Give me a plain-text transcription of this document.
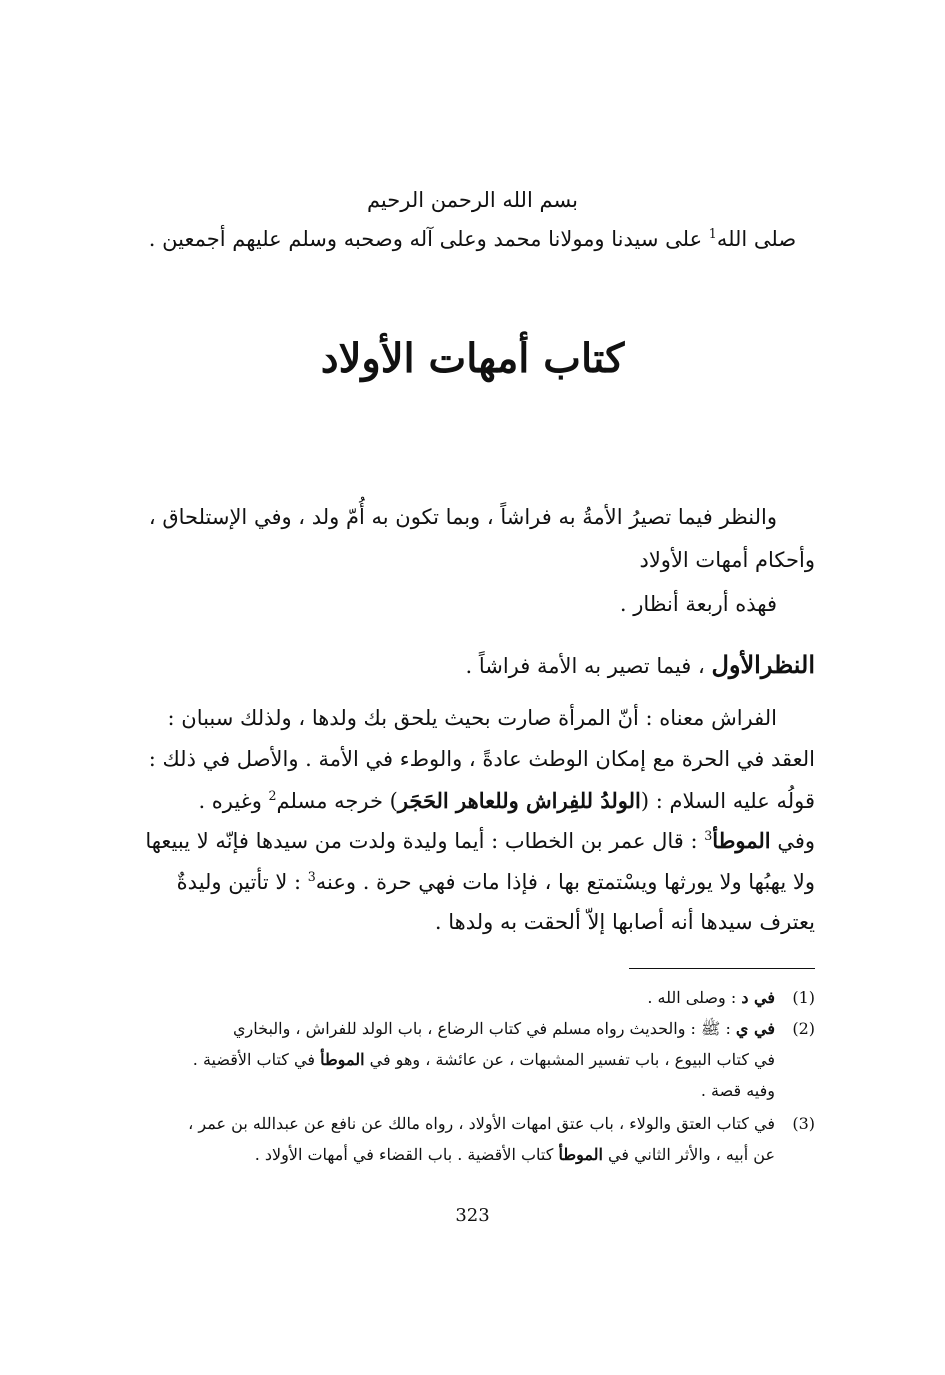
بسم الله الرحمن الرحيم
صلى الله$^1$ على سيدنا ومولانا محمد وعلى آله وصحبه وسلم عليهم أجمعين .
كتاب أمهات الأولاد
والنظر فيما تصيرُ الأمةُ به فراشاً ، وبما تكون به أُمّ ولد ، وفي الإستلحاق ،
وأحكام أمهات الأولاد
فهذه أربعة أنظار .
النظرالأول ، فيما تصير به الأمة فراشاً .
الفراش معناه : أنّ المرأة صارت بحيث يلحق بك ولدها ، ولذلك سببان :
العقد في الحرة مع إمكان الوطث عادةً ، والوطء في الأمة . والأصل في ذلك :
قولُه عليه السلام : (الولدُ للفِراش وللعاهر الحَجَر) خرجه مسلم$^2$ وغيره .
وفي الموطأ$^3$ : قال عمر بن الخطاب : أيما وليدة ولدت من سيدها فإنّه لا يبيعها
ولا يهبُها ولا يورثها ويسْتمتع بها ، فإذا مات فهي حرة . وعنه$^3$ : لا تأتين وليدةٌ
يعترف سيدها أنه أصابها إلاّ ألحقت به ولدها .
(1)في د : وصلى الله .
(2)في ي : ﷺ : والحديث رواه مسلم في كتاب الرضاع ، باب الولد للفراش ، والبخاري
في كتاب البيوع ، باب تفسير المشبهات ، عن عائشة ، وهو في الموطأ في كتاب الأقضية .
وفيه قصة .
(3)في كتاب العتق والولاء ، باب عتق امهات الأولاد ، رواه مالك عن نافع عن عبدالله بن عمر ،
عن أبيه ، والأثر الثاني في الموطأ كتاب الأقضية . باب القضاء في أمهات الأولاد .
323
